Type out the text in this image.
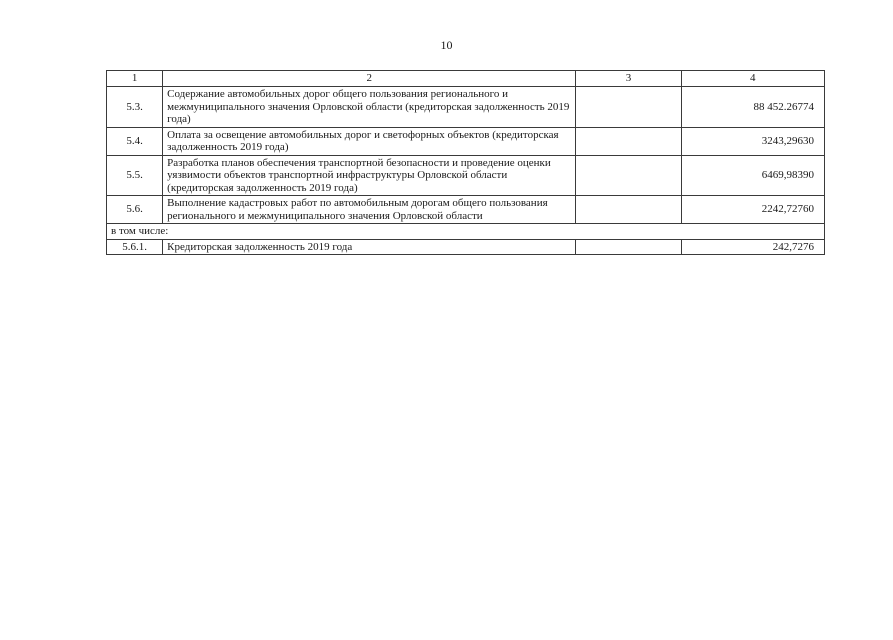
10
1	2	3	4
5.3.	Содержание автомобильных дорог общего пользования регионального и межмуниципального значения Орловской области (кредиторская задолженность 2019 года)		88 452.26774
5.4.	Оплата за освещение автомобильных дорог и светофорных объектов (кредиторская задолженность 2019 года)		3243,29630
5.5.	Разработка планов обеспечения транспортной безопасности и проведение оценки уязвимости объектов транспортной инфраструктуры Орловской области (кредиторская задолженность 2019 года)		6469,98390
5.6.	Выполнение кадастровых работ по автомобильным дорогам общего пользования регионального и межмуниципального значения Орловской области		2242,72760
в том числе:			
5.6.1.	Кредиторская задолженность 2019 года		242,7276
